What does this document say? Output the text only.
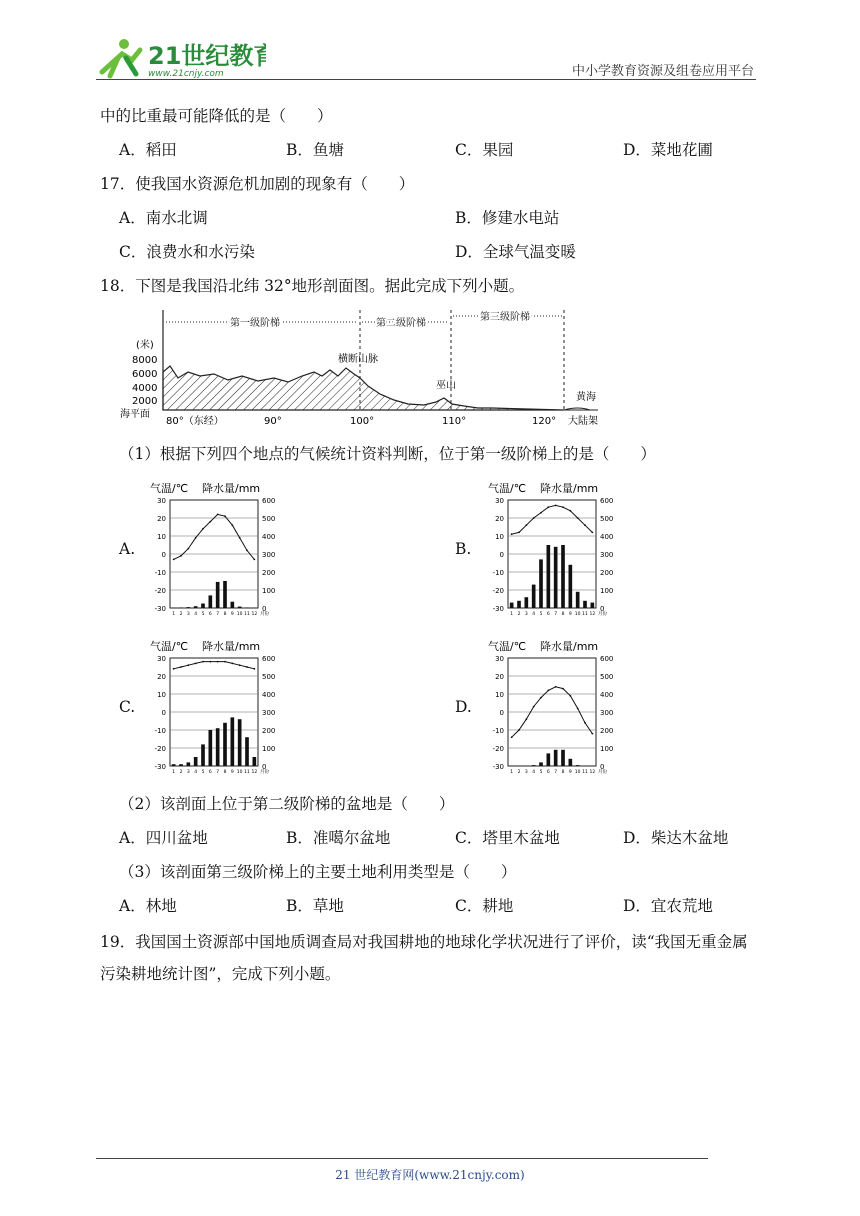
21世纪教育
www.21cnjy.com	中小学教育资源及组卷应用平台
中的比重最可能降低的是（　　）
A．稻田	B．鱼塘	C．果园	D．菜地花圃
17．使我国水资源危机加剧的现象有（　　）
A．南水北调	B．修建水电站
C．浪费水和水污染	D．全球气温变暖
18．下图是我国沿北纬 32°地形剖面图。据此完成下列小题。
第一级阶梯	第二级阶梯
第三级阶梯
(米)
8000
6000
4000
2000
海平面
横断山脉
巫山
黄海
大陆架
80°（东经）	90°	100°	110°	120°
（1）根据下列四个地点的气候统计资料判断，位于第一级阶梯上的是（　　）
A.	B.
C.	D.
气温/℃ 降水量/mm
30	600
20	500
10	400
0	300
-10	200
-20	100
-30	0
1 2 3 4 5 6 7 8 9 10 11 12 月份
气温/℃ 降水量/mm
30	600
20	500
10	400
0	300
-10	200
-20	100
-30	0
1 2 3 4 5 6 7 8 9 10 11 12 月份
气温/℃ 降水量/mm
30	600
20	500
10	400
0	300
-10	200
-20	100
-30	0
1 2 3 4 5 6 7 8 9 10 11 12 月份
气温/℃ 降水量/mm
30	600
20	500
10	400
0	300
-10	200
-20	100
-30	0
1 2 3 4 5 6 7 8 9 10 11 12 月份
（2）该剖面上位于第二级阶梯的盆地是（　　）
A．四川盆地	B．准噶尔盆地	C．塔里木盆地	D．柴达木盆地
（3）该剖面第三级阶梯上的主要土地利用类型是（　　）
A．林地	B．草地	C．耕地	D．宜农荒地
19．我国国土资源部中国地质调查局对我国耕地的地球化学状况进行了评价，读“我国无重金属
污染耕地统计图”，完成下列小题。
21 世纪教育网(www.21cnjy.com)
